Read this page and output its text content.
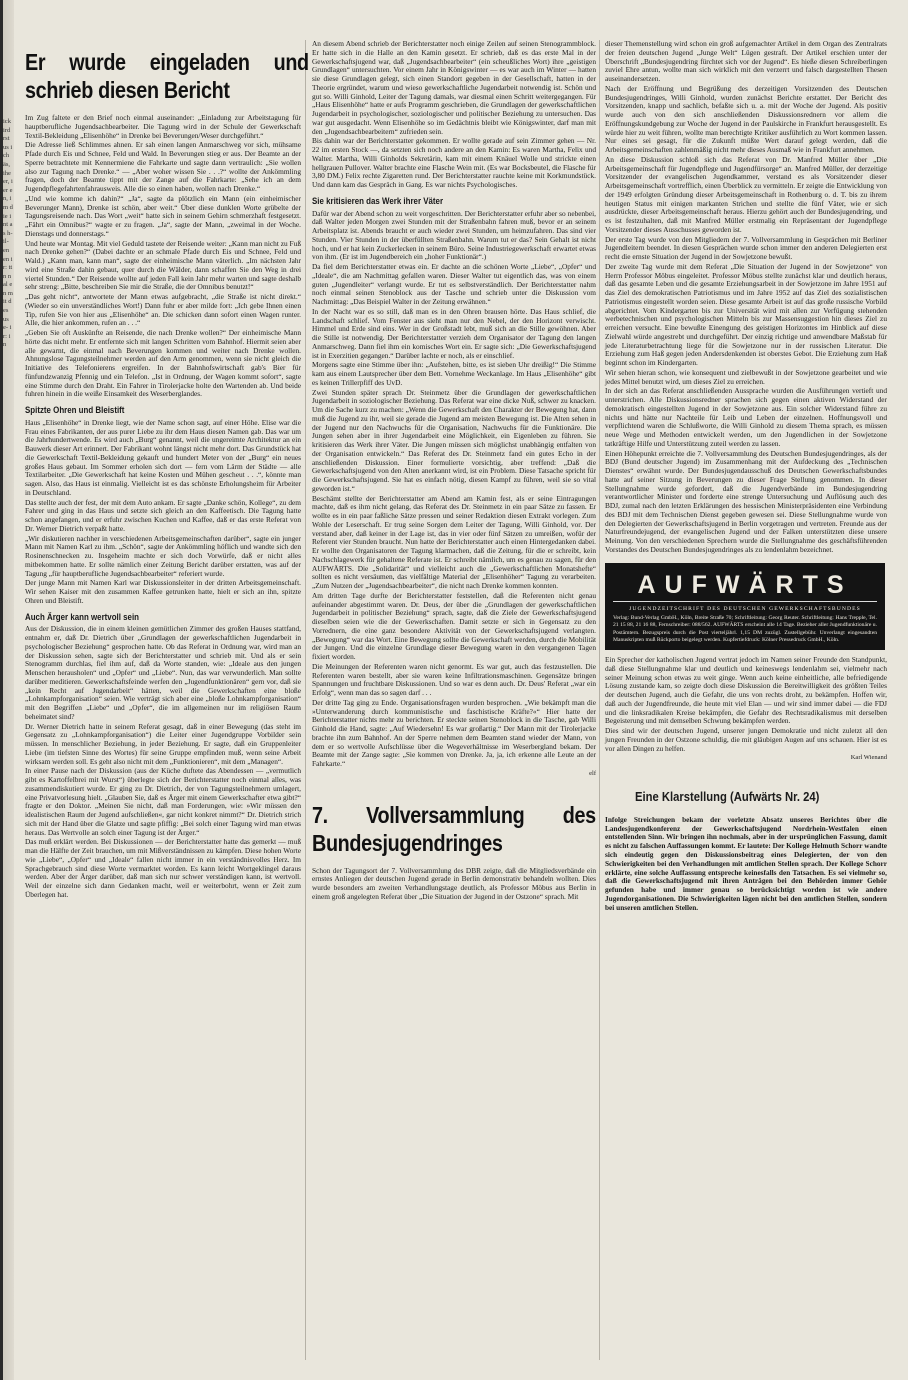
ick ird rst us ich äs, ihe er, ier en, im die int as h- il- en en ir: tt n nal en mit des us e- ir: in
Er wurde eingeladen und schrieb diesen Bericht

Im Zug faltete er den Brief noch einmal auseinander: „Einladung zur Arbeitstagung für hauptberufliche Jugendsachbearbeiter. Die Tagung wird in der Schule der Gewerkschaft Textil-Bekleidung „Elisenhöhe“ in Drenke bei Beverungen/Weser durchgeführt.“

Die Adresse ließ Schlimmes ahnen. Er sah einen langen Anmarschweg vor sich, mühsame Pfade durch Eis und Schnee, Feld und Wald. In Beverungen stieg er aus. Der Beamte an der Sperre betrachtete mit Kennermiene die Fahrkarte und sagte dann vertraulich: „Sie wollen also zur Tagung nach Drenke.“ — „Aber woher wissen Sie . . .?“ wollte der Ankömmling fragen, doch der Beamte tippt mit der Zange auf die Fahrkarte: „Sehe ich an dem Jugendpflegefahrtenfahrausweis. Alle die so einen haben, wollen nach Drenke.“

„Und wie komme ich dahin?“ „Ja“, sagte da plötzlich ein Mann (ein einheimischer Beverunger Mann), Drenke ist schön, aber weit.“ Über diese dunklen Worte grübelte der Tagungsreisende nach. Das Wort „weit“ hatte sich in seinem Gehirn schmerzhaft festgesetzt. „Fährt ein Omnibus?“ wagte er zu fragen. „Ja“, sagte der Mann, „zweimal in der Woche. Dienstags und donnerstags.“

Und heute war Montag. Mit viel Geduld tastete der Reisende weiter: „Kann man nicht zu Fuß nach Drenke gehen?“ (Dabei dachte er an schmale Pfade durch Eis und Schnee, Feld und Wald.) „Kann man, kann man“, sagte der einheimische Mann väterlich. „Im nächsten Jahr wird eine Straße dahin gebaut, quer durch die Wälder, dann schaffen Sie den Weg in drei viertel Stunden.“ Der Reisende wollte auf jeden Fall kein Jahr mehr warten und sagte deshalb sehr streng: „Bitte, beschreiben Sie mir die Straße, die der Omnibus benutzt!“

„Das geht nicht“, antwortete der Mann etwas aufgebracht, „die Straße ist nicht direkt.“ (Wieder so ein unverständliches Wort!) Dann fuhr er aber milde fort: „Ich gebe Ihnen einen Tip, rufen Sie von hier aus „Elisenhöhe“ an. Die schicken dann sofort einen Wagen runter. Alle, die hier ankommen, rufen an . . .“

„Geben Sie oft Auskünfte an Reisende, die nach Drenke wollen?“ Der einheimische Mann hörte das nicht mehr. Er entfernte sich mit langen Schritten vom Bahnhof. Hiermit seien aber alle gewarnt, die einmal nach Beverungen kommen und weiter nach Drenke wollen. Ahnungslose Tagungsteilnehmer werden auf den Arm genommen, wenn sie nicht gleich die Initiative des Telefonierens ergreifen. In der Bahnhofswirtschaft gab's Bier für fünfundzwanzig Pfennig und ein Telefon. „Ist in Ordnung, der Wagen kommt sofort“, sagte eine Stimme durch den Draht. Ein Fahrer in Tirolerjacke holte den Wartenden ab. Und beide fuhren hinein in die weiße Einsamkeit des Weserberglandes.

Spitzte Ohren und Bleistift

Haus „Elisenhöhe“ in Drenke liegt, wie der Name schon sagt, auf einer Höhe. Elise war die Frau eines Fabrikanten, der aus purer Liebe zu ihr dem Haus diesen Namen gab. Das war um die Jahrhundertwende. Es wird auch „Burg“ genannt, weil die ungereimte Architektur an ein Bauwerk dieser Art erinnert. Der Fabrikant wohnt längst nicht mehr dort. Das Grundstück hat die Gewerkschaft Textil-Bekleidung gekauft und hundert Meter von der „Burg“ ein neues großes Haus gebaut. Im Sommer erholen sich dort — fern vom Lärm der Städte — alle Textilarbeiter. „Die Gewerkschaft hat keine Kosten und Mühen gescheut . . .“, könnte man sagen. Also, das Haus ist einmalig. Vielleicht ist es das schönste Erholungsheim für Arbeiter in Deutschland.

Das stellte auch der fest, der mit dem Auto ankam. Er sagte „Danke schön, Kollege“, zu dem Fahrer und ging in das Haus und setzte sich gleich an den Kaffeetisch. Die Tagung hatte schon angefangen, und er erfuhr zwischen Kuchen und Kaffee, daß er das erste Referat von Dr. Werner Dietrich verpaßt hatte.

„Wir diskutieren nachher in verschiedenen Arbeitsgemeinschaften darüber“, sagte ein junger Mann mit Namen Karl zu ihm. „Schön“, sagte der Ankömmling höflich und wandte sich den Rosinenschnecken zu. Insgeheim machte er sich doch Vorwürfe, daß er nicht alles mitbekommen hatte. Er sollte nämlich einer Zeitung Bericht darüber erstatten, was auf der Tagung „für hauptberufliche Jugendsachbearbeiter“ referiert wurde.

Der junge Mann mit Namen Karl war Diskussionsleiter in der dritten Arbeitsgemeinschaft. Wir sehen Kaiser mit den zusammen Kaffee getrunken hatte, hielt er sich an ihn, spitzte Ohren und Bleistift.

Auch Ärger kann wertvoll sein

Aus der Diskussion, die in einem kleinen gemütlichen Zimmer des großen Hauses stattfand, entnahm er, daß Dr. Dietrich über „Grundlagen der gewerkschaftlichen Jugendarbeit in psychologischer Beziehung“ gesprochen hatte. Ob das Referat in Ordnung war, wird man an der Diskussion sehen, sagte sich der Berichterstatter und schrieb mit. Und als er sein Stenogramm durchlas, fiel ihm auf, daß da Worte standen, wie: „Ideale aus den jungen Menschen herausholen“ und „Opfer“ und „Liebe“. Nun, das war verwunderlich. Man sollte darüber meditieren. Gewerkschaftsfeinde werfen den „Jugendfunktionären“ gern vor, daß sie „kein Recht auf Jugendarbeit“ hätten, weil die Gewerkschaften eine bloße „Lohnkampforganisation“ seien. Wie verträgt sich aber eine „bloße Lohnkampforganisation“ mit den Begriffen „Liebe“ und „Opfer“, die im allgemeinen nur im religiösen Raum beheimatet sind?

Dr. Werner Dietrich hatte in seinem Referat gesagt, daß in einer Bewegung (das steht im Gegensatz zu „Lohnkampforganisation“) die Leiter einer Jugendgruppe Vorbilder sein müssen. In menschlicher Beziehung, in jeder Beziehung. Er sagte, daß ein Gruppenleiter Liebe (im tiefsten Sinne des Wortes) für seine Gruppe empfinden muß, wenn seine Arbeit wirksam werden soll. Es geht also nicht mit dem „Funktionieren“, mit dem „Managen“.

In einer Pause nach der Diskussion (aus der Küche duftete das Abendessen — „vermutlich gibt es Kartoffelbrei mit Wurst“) überlegte sich der Berichterstatter noch einmal alles, was zusammendiskutiert wurde. Er ging zu Dr. Dietrich, der von Tagungsteilnehmern umlagert, eine Privatvorlesung hielt. „Glauben Sie, daß es Ärger mit einem Gewerkschafter etwa gibt?“ fragte er den Doktor. „Meinen Sie nicht, daß man Forderungen, wie: »Wir müssen den idealistischen Raum der Jugend aufschließen«, gar nicht konkret nimmt?“ Dr. Dietrich strich sich mit der Hand über die Glatze und sagte pfiffig: „Bei solch einer Tagung wird man etwas heraus. Das Wertvolle an solch einer Tagung ist der Ärger.“

Das muß erklärt werden. Bei Diskussionen — der Berichterstatter hatte das gemerkt — muß man die Hälfte der Zeit brauchen, um mit Mißverständnissen zu kämpfen. Diese hohen Worte wie „Liebe“, „Opfer“ und „Ideale“ fallen nicht immer in ein verständnisvolles Herz. Im Sprachgebrauch sind diese Worte vermarktet worden. Es kann leicht Wortgeklingel daraus werden. Aber der Ärger darüber, daß man sich nur schwer verständigen kann, ist wertvoll. Weil der einzelne sich dann Gedanken macht, weil er weiterbohrt, wenn er Zeit zum Überlegen hat.

An diesem Abend schrieb der Berichterstatter noch einige Zeilen auf seinen Stenogrammblock. Er hatte sich in die Halle an den Kamin gesetzt. Er schrieb, daß es das erste Mal in der Gewerkschaftsjugend war, daß „Jugendsachbearbeiter“ (ein scheußliches Wort) ihre „geistigen Grundlagen“ untersuchten. Vor einem Jahr in Königswinter — es war auch im Winter — hatten sie diese Grundlagen gelegt, sich einen Standort gegeben in der Gesellschaft, hatten in der Theorie ergründet, warum und wieso gewerkschaftliche Jugendarbeit notwendig ist. Schön und gut so. Willi Ginhold, Leiter der Tagung damals, war diesmal einen Schritt weitergegangen. Für „Haus Elisenhöhe“ hatte er aufs Programm geschrieben, die Grundlagen der gewerkschaftlichen Jugendarbeit in psychologischer, soziologischer und politischer Beziehung zu untersuchen. Das war gut ausgedacht. Wenn Elisenhöhe so im Gedächtnis bleibt wie Königswinter, darf man mit den „Jugendsachbearbeitern“ zufrieden sein.

Bis dahin war der Berichterstatter gekommen. Er wollte gerade auf sein Zimmer gehen — Nr. 22 im ersten Stock —, da setzten sich noch andere an den Kamin: Es waren Martha, Felix und Walter. Martha, Willi Ginholds Sekretärin, kam mit einem Knäuel Wolle und strickte einen hellgrauen Pullover. Walter brachte eine Flasche Wein mit. (Es war Bocksbeutel, die Flasche für 3,80 DM.) Felix rechte Zigaretten rund. Der Berichterstatter rauchte keine mit Korkmundstück. Und dann kam das Gespräch in Gang. Es war nichts Psychologisches.

Sie kritisieren das Werk ihrer Väter

Dafür war der Abend schon zu weit vorgeschritten. Der Berichterstatter erfuhr aber so nebenbei, daß Walter jeden Morgen zwei Stunden mit der Straßenbahn fahren muß, bevor er an seinem Arbeitsplatz ist. Abends braucht er auch wieder zwei Stunden, um heimzufahren. Das sind vier Stunden. Vier Stunden in der überfüllten Straßenbahn. Warum tut er das? Sein Gehalt ist nicht hoch, und er hat kein Zuckerlecken in seinem Büro. Seine Industriegewerkschaft erwartet etwas von ihm. (Er ist im Jugendbereich ein „hoher Funktionär“.)

Da fiel dem Berichterstatter etwas ein. Er dachte an die schönen Worte „Liebe“, „Opfer“ und „Ideale“, die am Nachmittag gefallen waren. Dieser Walter tut eigentlich das, was von einem guten „Jugendleiter“ verlangt wurde. Er tut es selbstverständlich. Der Berichterstatter nahm noch einmal seinen Stenoblock aus der Tasche und schrieb unter die Diskussion vom Nachmittag: „Das Beispiel Walter in der Zeitung erwähnen.“

In der Nacht war es so still, daß man es in den Ohren brausen hörte. Das Haus schlief, die Landschaft schlief. Vom Fenster aus sieht man nur den Nebel, der den Horizont verwischt. Himmel und Erde sind eins. Wer in der Großstadt lebt, muß sich an die Stille gewöhnen. Aber die Stille ist notwendig. Der Berichterstatter verzieh dem Organisator der Tagung den langen Anmarschweg. Dann fiel ihm ein komisches Wort ein. Er sagte sich: „Die Gewerkschaftsjugend ist in Exerzitien gegangen.“ Darüber lachte er noch, als er einschlief.

Morgens sagte eine Stimme über ihn: „Aufstehen, bitte, es ist sieben Uhr dreißig!“ Die Stimme kam aus einem Lautsprecher über dem Bett. Vornehme Weckanlage. Im Haus „Elisenhöhe“ gibt es keinen Trillerpfiff des UvD.

Zwei Stunden später sprach Dr. Steinmetz über die Grundlagen der gewerkschaftlichen Jugendarbeit in soziologischer Beziehung. Das Referat war eine dicke Nuß, schwer zu knacken. Um die Sache kurz zu machen: „Wenn die Gewerkschaft den Charakter der Bewegung hat, dann muß die Jugend zu ihr, weil sie gerade die Jugend am meisten Bewegung ist. Die Alten sehen in der Jugend nur den Nachwuchs für die Organisation, Nachwuchs für die Funktionäre. Die Jungen sehen aber in ihrer Jugendarbeit eine Möglichkeit, ein Eigenleben zu führen. Sie kritisieren das Werk ihrer Väter. Die Jungen müssen sich möglichst unabhängig entfalten von der Organisation entwickeln.“ Das Referat des Dr. Steinmetz fand ein gutes Echo in der anschließenden Diskussion. Einer formulierte vorsichtig, aber treffend: „Daß die Gewerkschaftsjugend von den Alten anerkannt wird, ist ein Problem. Diese Tatsache spricht für die Gewerkschaftsjugend. Sie hat es einfach nötig, diesen Kampf zu führen, weil sie so vital geworden ist.“

Beschämt stellte der Berichterstatter am Abend am Kamin fest, als er seine Eintragungen machte, daß es ihm nicht gelang, das Referat des Dr. Steinmetz in ein paar Sätze zu fassen. Er wollte es in ein paar faßliche Sätze pressen und seiner Redaktion diesen Extrakt vorlegen. Zum Wohle der Leserschaft. Er trug seine Sorgen dem Leiter der Tagung, Willi Ginhold, vor. Der verstand aber, daß keiner in der Lage ist, das in vier oder fünf Sätzen zu umreißen, wofür der Referent vier Stunden braucht. Nun hatte der Berichterstatter auch einen Hintergedanken dabei. Er wollte den Organisatoren der Tagung klarmachen, daß die Zeitung, für die er schreibt, kein Nachschlagewerk für gehaltene Referate ist. Er schreibt nämlich, um es genau zu sagen, für den AUFWÄRTS. Die „Solidarität“ und vielleicht auch die „Gewerkschaftlichen Monatshefte“ sollten es nicht versäumen, das vielfältige Material der „Elisenhöher“ Tagung zu verarbeiten. „Zum Nutzen der „Jugendsachbearbeiter“, die nicht nach Drenke kommen konnten.

Am dritten Tage durfte der Berichterstatter feststellen, daß die Referenten nicht genau aufeinander abgestimmt waren. Dr. Deus, der über die „Grundlagen der gewerkschaftlichen Jugendarbeit in politischer Beziehung“ sprach, sagte, daß die Ziele der Gewerkschaftsjugend dieselben seien wie die der Gewerkschaften. Damit setzte er sich in Gegensatz zu den Vorrednern, die eine ganz besondere Aktivität von der Gewerkschaftsjugend verlangten. „Bewegung“ war das Wort. Eine Bewegung sollte die Gewerkschaft werden, durch die Mobilität der Jungen. Und die einzelne Grundlage dieser Bewegung waren in den vergangenen Tagen fixiert worden.

Die Meinungen der Referenten waren nicht genormt. Es war gut, auch das festzustellen. Die Referenten waren bestellt, aber sie waren keine Infiltrationsmaschinen. Gegensätze bringen Spannungen und fruchtbare Diskussionen. Und so war es denn auch. Dr. Deus' Referat „war ein Erfolg“, wenn man das so sagen darf . . .

Der dritte Tag ging zu Ende. Organisationsfragen wurden besprochen. „Wie bekämpft man die »Unterwanderung durch kommunistische und faschistische Kräfte?«“ Hier hatte der Berichterstatter nichts mehr zu berichten. Er steckte seinen Stenoblock in die Tasche, gab Willi Ginhold die Hand, sagte: „Auf Wiedersehn! Es war großartig.“ Der Mann mit der Tirolerjacke brachte ihn zum Bahnhof. An der Sperre nehmen dem Beamten stand wieder der Mann, von dem er so wertvolle Aufschlüsse über die Wegeverhältnisse im Weserbergland bekam. Der Beamte mit der Zange sagte: „Sie kommen von Drenke. Ja, ja, ich erkenne alle Leute an der Fahrkarte.“

elf
7. Vollversammlung des Bundesjugendringes

Schon der Tagungsort der 7. Vollversammlung des DBR zeigte, daß die Mitgliedsverbände ein ernstes Anliegen der deutschen Jugend gerade in Berlin demonstrativ behandeln wollten. Dies wurde besonders am zweiten Verhandlungstage deutlich, als Professor Möbus aus Berlin in einem groß angelegten Referat über „Die Situation der Jugend in der Ostzone“ sprach. Mit

dieser Themenstellung wird schon ein groß aufgemachter Artikel in dem Organ des Zentralrats der freien deutschen Jugend „Junge Welt“ Lügen gestraft. Der Artikel erschien unter der Überschrift „Bundesjugendring fürchtet sich vor der Jugend“. Es hieße diesen Schreiberlingen zuviel Ehre antun, wollte man sich wirklich mit den verzerrt und falsch dargestellten Thesen auseinandersetzen.

Nach der Eröffnung und Begrüßung des derzeitigen Vorsitzenden des Deutschen Bundesjugendringes, Willi Ginhold, wurden zunächst Berichte erstattet. Der Bericht des Vorsitzenden, knapp und sachlich, befaßte sich u. a. mit der Woche der Jugend. Als positiv wurde auch von den sich anschließenden Diskussionsrednern vor allem die Eröffnungskundgebung zur Woche der Jugend in der Paulskirche in Frankfurt herausgestellt. Es würde hier zu weit führen, wollte man berechtigte Kritiker ausführlich zu Wort kommen lassen. Nur eines sei gesagt, für die Zukunft müßte Wert darauf gelegt werden, daß die Arbeitsgemeinschaften zahlenmäßig nicht mehr dieses Ausmaß wie in Frankfurt annehmen.

An diese Diskussion schloß sich das Referat von Dr. Manfred Müller über „Die Arbeitsgemeinschaft für Jugendpflege und Jugendfürsorge“ an. Manfred Müller, der derzeitige Vorsitzender der evangelischen Jugendkammer, verstand es als Vorsitzender dieser Arbeitsgemeinschaft vortrefflich, einen Überblick zu vermitteln. Er zeigte die Entwicklung von der 1949 erfolgten Gründung dieser Arbeitsgemeinschaft in Rothenburg o. d. T. bis zu ihrem heutigen Status mit einigen markanten Strichen und stellte die fünf Väter, wie er sich ausdrückte, dieser Arbeitsgemeinschaft heraus. Hierzu gehört auch der Bundesjugendring, und es ist festzuhalten, daß mit Manfred Müller erstmalig ein Repräsentant der Jugendpflege Vorsitzender dieses Ausschusses geworden ist.

Der erste Tag wurde von den Mitgliedern der 7. Vollversammlung in Gesprächen mit Berliner Jugendleitern beendet. In diesen Gesprächen wurde schon immer den anderen Delegierten erst recht die ernste Situation der Jugend in der Sowjetzone bewußt.

Der zweite Tag wurde mit dem Referat „Die Situation der Jugend in der Sowjetzone“ von Herrn Professor Möbus eingeleitet. Professor Möbus stellte zunächst klar und deutlich heraus, daß das gesamte Leben und die gesamte Erziehungsarbeit in der Sowjetzone im Jahre 1951 auf das Ziel des demokratischen Patriotismus und im Jahre 1952 auf das Ziel des sozialistischen Patriotismus eingestellt worden seien. Diese gesamte Arbeit ist auf das große russische Vorbild abgerichtet. Vom Kindergarten bis zur Universität wird mit allen zur Verfügung stehenden werbetechnischen und psychologischen Mitteln bis zur Massensuggestion hin dieses Ziel zu erreichen versucht. Eine bewußte Einengung des geistigen Horizontes im Hinblick auf diese Zielwahl würde angestrebt und durchgeführt. Der einzig richtige und anwendbare Maßstab für jede Literaturbetrachtung liege für die Sowjetzone nur in der russischen Literatur. Die Erziehung zum Haß gegen jeden Andersdenkenden ist oberstes Gebot. Die Erziehung zum Haß beginnt schon im Kindergarten.

Wir sehen hieran schon, wie konsequent und zielbewußt in der Sowjetzone gearbeitet und wie jedes Mittel benutzt wird, um dieses Ziel zu erreichen.

In der sich an das Referat anschließenden Aussprache wurden die Ausführungen vertieft und unterstrichen. Alle Diskussionsredner sprachen sich gegen einen aktiven Widerstand der demokratisch eingestellten Jugend in der Sowjetzone aus. Ein solcher Widerstand führe zu nichts und hätte nur Nachteile für Leib und Leben der einzelnen. Hoffnungsvoll und verpflichtend waren die Schlußworte, die Willi Ginhold zu diesem Thema sprach, es müssen neue Wege und Methoden entwickelt werden, um den Jugendlichen in der Sowjetzone tatkräftige Hilfe und Unterstützung zuteil werden zu lassen.

Einen Höhepunkt erreichte die 7. Vollversammlung des Deutschen Bundesjugendringes, als der BDJ (Bund deutscher Jugend) im Zusammenhang mit der Aufdeckung des „Technischen Dienstes“ erwähnt wurde. Der Bundesjugendausschuß des Deutschen Gewerkschaftsbundes hatte auf seiner Sitzung in Beverungen zu dieser Frage Stellung genommen. In dieser Stellungnahme wurde gefordert, daß die Jugendverbände im Bundesjugendring verantwortlicher Minister und forderte eine strenge Untersuchung und Auflösung auch des BDJ, zumal nach den letzten Erklärungen des hessischen Ministerpräsidenten eine Verbindung des BDJ mit dem Technischen Dienst gegeben gewesen sei. Diese Stellungnahme wurde von den Delegierten der Gewerkschaftsjugend in Berlin vorgetragen und vertreten. Freunde aus der Naturfreundejugend, der evangelischen Jugend und der Falken unterstützten diese unsere Meinung. Von den verschiedenen Sprechern wurde die Stellungnahme des geschäftsführenden Vorstandes des Deutschen Bundesjugendringes als zu lendenlahm bezeichnet.

AUFWÄRTS
JUGENDZEITSCHRIFT DES DEUTSCHEN GEWERKSCHAFTSBUNDES
Verlag: Bund-Verlag GmbH., Köln, Breite Straße 70; Schriftleitung: Georg Reuter. Schriftleitung: Hans Trepple, Tel. 21 15 88, 21 16 88, Fernschreiber: 088/562. AUFWÄRTS erscheint alle 14 Tage. Bezieher aller Jugendfunktionäre u. Postämtern. Bezugspreis durch die Post vierteljährl. 1,15 DM zuzügl. Zustellgebühr. Unverlangt eingesandten Manuskripten muß Rückporto beigelegt werden. Kupfertiefdruck: Kölner Pressedruck GmbH., Köln.

Ein Sprecher der katholischen Jugend vertrat jedoch im Namen seiner Freunde den Standpunkt, daß diese Stellungnahme klar und deutlich und keineswegs lendenlahm sei, vielmehr nach seiner Meinung schon etwas zu weit ginge. Wenn auch keine einheitliche, alle befriedigende Lösung zustande kam, so zeigte doch diese Diskussion die Bereitwilligkeit des größten Teiles der deutschen Jugend, auch die Gefahr, die uns von rechts droht, zu bekämpfen. Hoffen wir, daß auch der Jugendfreunde, die heute mit viel Elan — und wir sind immer dabei — die FDJ und die linksradikalen Kreise bekämpfen, die Gefahr des Rechtsradikalismus mit derselben Begeisterung und mit demselben Schwung bekämpfen werden.

Dies sind wir der deutschen Jugend, unserer jungen Demokratie und nicht zuletzt all den jungen Freunden in der Ostzone schuldig, die mit gläubigen Augen auf uns schauen. Hier ist es vor allen Dingen zu helfen.

Karl Wienand
Eine Klarstellung (Aufwärts Nr. 24)
Infolge Streichungen bekam der vorletzte Absatz unseres Berichtes über die Landesjugendkonferenz der Gewerkschaftsjugend Nordrhein-Westfalen einen entstellenden Sinn. Wir bringen ihn nochmals, aber in der ursprünglichen Fassung, damit es nicht zu falschen Auffassungen kommt. Er lautete: Der Kollege Helmuth Schorr wandte sich eindeutig gegen den Diskussionsbeitrag eines Delegierten, der von den Schwierigkeiten bei den Verhandlungen mit amtlichen Stellen sprach. Der Kollege Schorr erklärte, eine solche Auffassung entspreche keinesfalls den Tatsachen. Es sei vielmehr so, daß die Gewerkschaftsjugend mit ihren Anträgen bei den Behörden immer Gehör gefunden habe und immer genau so berücksichtigt worden ist wie andere Jugendorganisationen. Die Schwierigkeiten lägen nicht bei den amtlichen Stellen, sondern bei unseren amtlichen Stellen.
